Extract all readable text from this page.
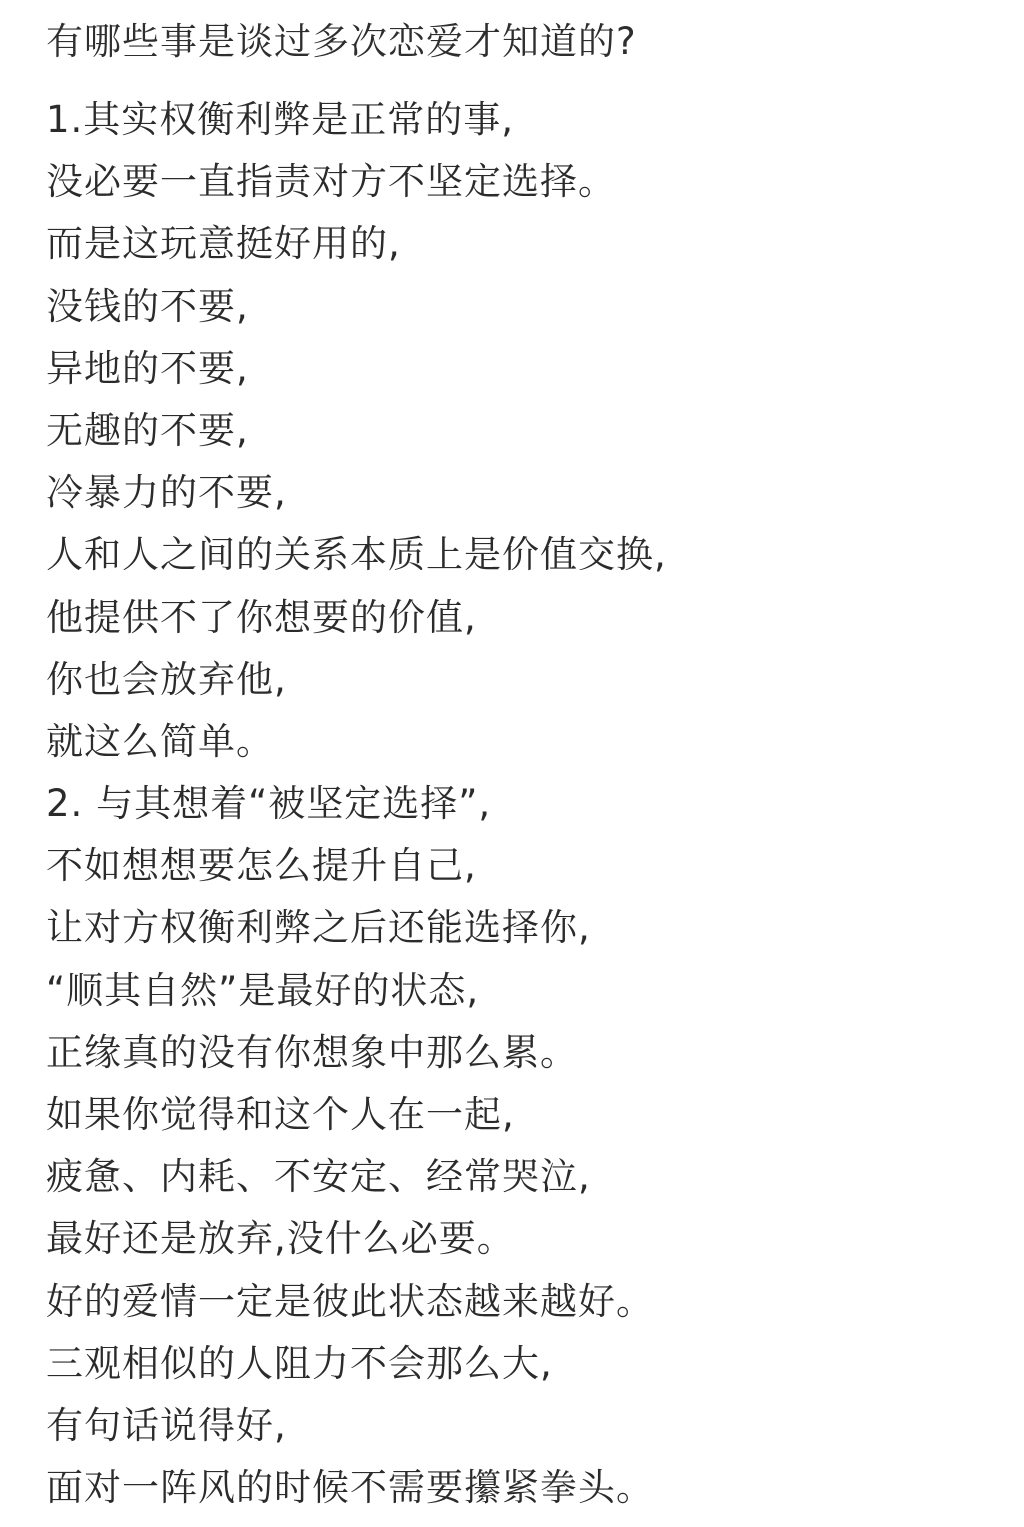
有哪些事是谈过多次恋爱才知道的?
1.其实权衡利弊是正常的事,
没必要一直指责对方不坚定选择。
而是这玩意挺好用的,
没钱的不要,
异地的不要,
无趣的不要,
冷暴力的不要,
人和人之间的关系本质上是价值交换,
他提供不了你想要的价值,
你也会放弃他,
就这么简单。
2. 与其想着“被坚定选择”,
不如想想要怎么提升自己,
让对方权衡利弊之后还能选择你,
“顺其自然”是最好的状态,
正缘真的没有你想象中那么累。
如果你觉得和这个人在一起,
疲惫、内耗、不安定、经常哭泣,
最好还是放弃,没什么必要。
好的爱情一定是彼此状态越来越好。
三观相似的人阻力不会那么大,
有句话说得好,
面对一阵风的时候不需要攥紧拳头。
